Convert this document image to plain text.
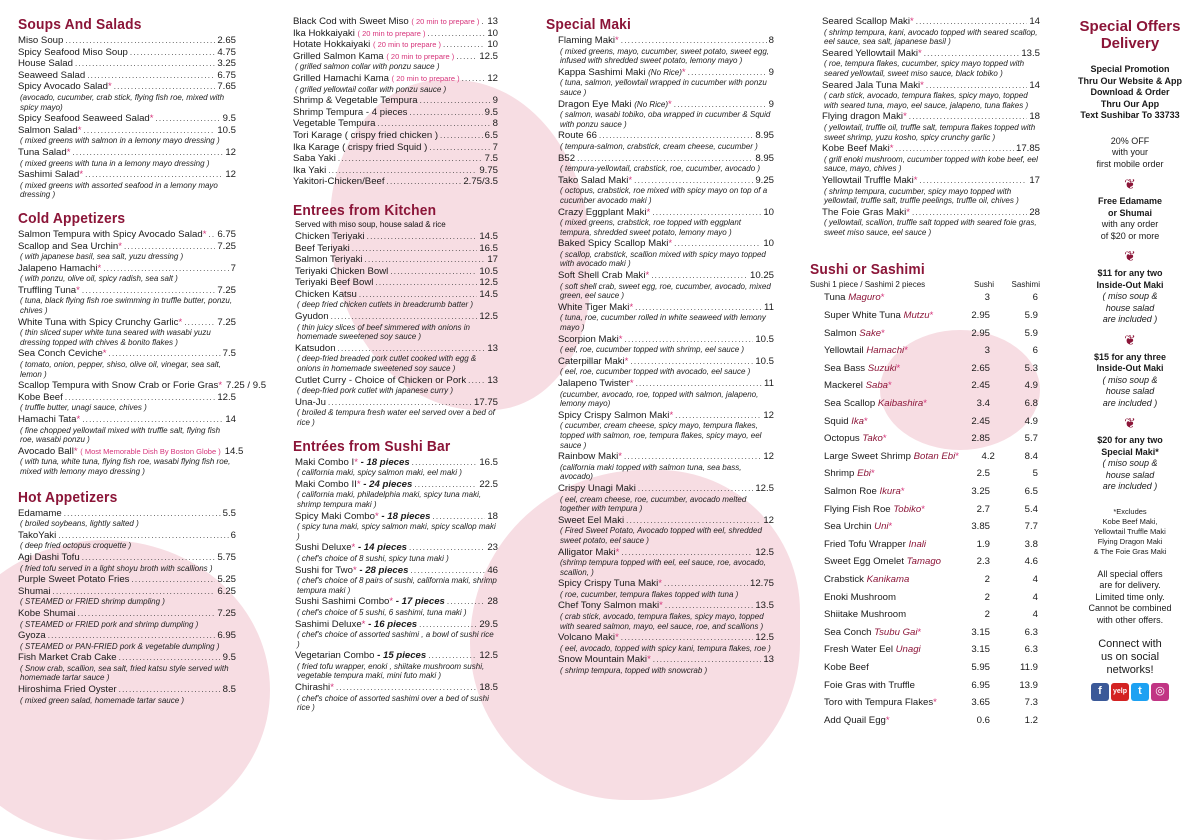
Soups And Salads
Miso Soup . . .	2.65
Spicy Seafood Miso Soup . . .	4.75
House Salad . . .	3.25
Seaweed Salad . . .	6.75
Spicy Avocado Salad* . . .	7.65
(avocado, cucumber, crab stick, flying fish roe, mixed with spicy mayo)
Spicy Seafood Seaweed Salad* . . .	9.5
Salmon Salad* . . .	10.5
( mixed greens with salmon in a lemony mayo dressing )
Tuna Salad* . . .	12
( mixed greens with tuna in a lemony mayo dressing )
Sashimi Salad* . . .	12
( mixed greens with assorted seafood in a lemony mayo dressing )
Cold Appetizers
Salmon Tempura with Spicy Avocado Salad* . . . 6.75
Scallop and Sea Urchin* . . .	7.25
( with japanese basil, sea salt, yuzu dressing )
Jalapeno Hamachi* . . .	7
( with ponzu, olive oil, spicy radish, sea salt )
Truffling Tuna* . . .	7.25
( tuna, black flying fish roe swimming in truffle butter, ponzu, chives )
White Tuna with Spicy Crunchy Garlic* . . .	7.25
( thin sliced super white tuna seared with wasabi yuzu dressing topped with chives & bonito flakes )
Sea Conch Ceviche* . . .	7.5
( tomato, onion, pepper, shiso, olive oil, vinegar, sea salt, lemon )
Scallop Tempura with Snow Crab or Forie Gras* 7.25 / 9.5
Kobe Beef . . .	12.5
( truffle butter, unagi sauce, chives )
Hamachi Tata* . . .	14
( fine chopped yellowtail mixed with truffle salt, flying fish roe, wasabi ponzu )
Avocado Ball* ( Most Memorable Dish By Boston Globe ) 14.5
( with tuna, white tuna, flying fish roe, wasabi flying fish roe, mixed with lemony mayo dressing )
Hot Appetizers
Edamame . . .	5.5
( broiled soybeans, lightly salted )
TakoYaki . . .	6
( deep fried octopus croquette )
Agi Dashi Tofu . . .	5.75
( fried tofu served in a light shoyu broth with scallions )
Purple Sweet Potato Fries . . .	5.25
Shumai . . .	6.25
( STEAMED or FRIED shrimp dumpling )
Kobe Shumai . . .	7.25
( STEAMED or FRIED pork and shrimp dumpling )
Gyoza . . .	6.95
( STEAMED or PAN-FRIED pork & vegetable dumpling )
Fish Market Crab Cake . . .	9.5
( Snow crab, scallion, sea salt, fried katsu style served with homemade tartar sauce )
Hiroshima Fried Oyster . . .	8.5
( mixed green salad, homemade tartar sauce )
Black Cod with Sweet Miso ( 20 min to prepare ) . . . 13
Ika Hokkaiyaki ( 20 min to prepare ) . . .	10
Hotate Hokkaiyaki ( 20 min to prepare ) . . .	10
Grilled Salmon Kama ( 20 min to prepare ) . . .	12.5
( grilled salmon collar with ponzu sauce )
Grilled Hamachi Kama ( 20 min to prepare ) . . .	12
( grilled yellowtail collar with ponzu sauce )
Shrimp & Vegetable Tempura . . .	9
Shrimp Tempura - 4 pieces . . .	9.5
Vegetable Tempura . . .	8
Tori Karage ( crispy fried chicken ) . . .	6.5
Ika Karage ( crispy fried Squid ) . . .	7
Saba Yaki . . .	7.5
Ika Yaki . . .	9.75
Yakitori-Chicken/Beef . . .	2.75/3.5
Entrees from Kitchen
Served with miso soup, house salad & rice
Chicken Teriyaki . . .	14.5
Beef Teriyaki . . .	16.5
Salmon Teriyaki . . .	17
Teriyaki Chicken Bowl . . .	10.5
Teriyaki Beef Bowl . . .	12.5
Chicken Katsu . . .	14.5
( deep fried chicken cutlets in breadcrumb batter )
Gyudon . . .	12.5
( thin juicy slices of beef simmered with onions in homemade sweetened soy sauce )
Katsudon . . .	13
( deep-fried breaded pork cutlet cooked with egg & onions in homemade sweetened soy sauce )
Cutlet Curry - Choice of Chicken or Pork . . . 13
( deep-fried pork cutlet with japanese curry )
Una-Ju . . .	17.75
( broiled & tempura fresh water eel served over a bed of rice )
Entrées from Sushi Bar
Maki Combo I* - 18 pieces . . .	16.5
( california maki, spicy salmon maki, eel maki )
Maki Combo II* - 24 pieces . . .	22.5
( california maki, philadelphia maki, spicy tuna maki, shrimp tempura maki )
Spicy Maki Combo* - 18 pieces . . .	18
( spicy tuna maki, spicy salmon maki, spicy scallop maki )
Sushi Deluxe* - 14 pieces . . .	23
( chef's choice of 8 sushi, spicy tuna maki )
Sushi for Two* - 28 pieces . . .	46
( chef's choice of 8 pairs of sushi, california maki, shrimp tempura maki )
Sushi Sashimi Combo* - 17 pieces . . .	28
( chef's choice of 5 sushi, 6 sashimi, tuna maki )
Sashimi Deluxe* - 16 pieces . . .	29.5
( chef's choice of assorted sashimi , a bowl of sushi rice )
Vegetarian Combo - 15 pieces . . .	12.5
( fried tofu wrapper, enoki , shiitake mushroom sushi, vegetable tempura maki, mini futo maki )
Chirashi* . . .	18.5
( chef's choice of assorted sashimi over a bed of sushi rice )
Special Maki
Flaming Maki* . . .	8
( mixed greens, mayo, cucumber, sweet potato, sweet egg, infused with shredded sweet potato, lemony mayo )
Kappa Sashimi Maki (No Rice)* . . .	9
( tuna, salmon, yellowtail wrapped in cucumber with ponzu sauce )
Dragon Eye Maki (No Rice)* . . .	9
( salmon, wasabi tobiko, oba wrapped in cucumber & Squid with ponzu sauce )
Route 66 . . .	8.95
( tempura-salmon, crabstick, cream cheese, cucumber )
B52 . . .	8.95
( tempura-yellowtail, crabstick, roe, cucumber, avocado )
Tako Salad Maki* . . .	9.25
( octopus, crabstick, roe mixed with spicy mayo on top of a cucumber avocado maki )
Crazy Eggplant Maki* . . .	10
( mixed greens, crabstick, roe topped with eggplant tempura, shredded sweet potato, lemony mayo )
Baked Spicy Scallop Maki* . . .	10
( scallop, crabstick, scallion mixed with spicy mayo topped with avocado maki )
Soft Shell Crab Maki* . . .	10.25
( soft shell crab, sweet egg, roe, cucumber, avocado, mixed green, eel sauce )
White Tiger Maki* . . .	11
( tuna, roe, cucumber rolled in white seaweed with lemony mayo )
Scorpion Maki* . . .	10.5
( eel, roe, cucumber topped with shrimp, eel sauce )
Caterpillar Maki* . . .	10.5
( eel, roe, cucumber topped with avocado, eel sauce )
Jalapeno Twister* . . .	11
(cucumber, avocado, roe, topped with salmon, jalapeno, lemony mayo)
Spicy Crispy Salmon Maki* . . .	12
( cucumber, cream cheese, spicy mayo, tempura flakes, topped with salmon, roe, tempura flakes, spicy mayo, eel sauce )
Rainbow Maki* . . .	12
(california maki topped with salmon tuna, sea bass, avocado)
Crispy Unagi Maki . . .	12.5
( eel, cream cheese, roe, cucumber, avocado melted together with tempura )
Sweet Eel Maki . . .	12
( Fired Sweet Potato, Avocado topped with eel, shredded sweet potato, eel sauce )
Alligator Maki* . . .	12.5
(shrimp tempura topped with eel, eel sauce, roe, avocado, scallion, )
Spicy Crispy Tuna Maki* . . .	12.75
( roe, cucumber, tempura flakes topped with tuna )
Chef Tony Salmon maki* . . .	13.5
( crab stick, avocado, tempura flakes, spicy mayo, topped with seared salmon, mayo, eel sauce, roe, and scallions )
Volcano Maki* . . .	12.5
( eel, avocado, topped with spicy kani, tempura flakes, roe )
Snow Mountain Maki* . . .	13
( shrimp tempura, topped with snowcrab )
Seared Scallop Maki* . . .	14
( shrimp tempura, kani, avocado topped with seared scallop, eel sauce, sea salt, japanese basil )
Seared Yellowtail Maki* . . .	13.5
( roe, tempura flakes, cucumber, spicy mayo topped with seared yellowtail, sweet miso sauce, black tobiko )
Seared Jala Tuna Maki* . . .	14
( carb stick, avocado, tempura flakes, spicy mayo, topped with seared tuna, mayo, eel sauce, jalapeno, tuna flakes )
Flying dragon Maki* . . .	18
( yellowtail, truffle oil, truffle salt, tempura flakes topped with sweet shrimp, yuzu kosho, spicy crunchy garlic )
Kobe Beef Maki* . . .	17.85
( grill enoki mushroom, cucumber topped with kobe beef, eel sauce, mayo, chives )
Yellowtail Truffle Maki* . . .	17
( shrimp tempura, cucumber, spicy mayo topped with yellowtail, truffle salt, truffle peelings, truffle oil, chives )
The Foie Gras Maki* . . .	28
( yellowtail, scallion, truffle salt topped with seared foie gras, sweet miso sauce, eel sauce )
Sushi or Sashimi
Sushi 1 piece / Sashimi 2 pieces	Sushi	Sashimi
Tuna Maguro*	3	6
Super White Tuna Mutzu*	2.95	5.9
Salmon Sake*	2.95	5.9
Yellowtail Hamachi*	3	6
Sea Bass Suzuki*	2.65	5.3
Mackerel Saba*	2.45	4.9
Sea Scallop Kaibashira*	3.4	6.8
Squid Ika*	2.45	4.9
Octopus Tako*	2.85	5.7
Large Sweet Shrimp Botan Ebi*	4.2	8.4
Shrimp Ebi*	2.5	5
Salmon Roe Ikura*	3.25	6.5
Flying Fish Roe Tobiko*	2.7	5.4
Sea Urchin Uni*	3.85	7.7
Fried Tofu Wrapper Inali	1.9	3.8
Sweet Egg Omelet Tamago	2.3	4.6
Crabstick Kanikama	2	4
Enoki Mushroom	2	4
Shiitake Mushroom	2	4
Sea Conch Tsubu Gai*	3.15	6.3
Fresh Water Eel Unagi	3.15	6.3
Kobe Beef	5.95	11.9
Foie Gras with Truffle	6.95	13.9
Toro with Tempura Flakes*	3.65	7.3
Add Quail Egg*	0.6	1.2
Special Offers Delivery
Special Promotion
Thru Our Website & App
Download & Order
Thru Our App
Text Sushibar To 33733
20% OFF
with your
first mobile order
❦
Free Edamame
or Shumai
with any order
of $20 or more
❦
$11 for any two
Inside-Out Maki
( miso soup &
house salad
are included )
❦
$15 for any three
Inside-Out Maki
( miso soup &
house salad
are included )
❦
$20 for any two
Special Maki*
( miso soup &
house salad
are included )
*Excludes
Kobe Beef Maki,
Yellowtail Truffle Maki
Flying Dragon Maki
& The Foie Gras Maki
All special offers
are for delivery.
Limited time only.
Cannot be combined
with other offers.
Connect with
us on social
networks!
f	yelp	t	◎
